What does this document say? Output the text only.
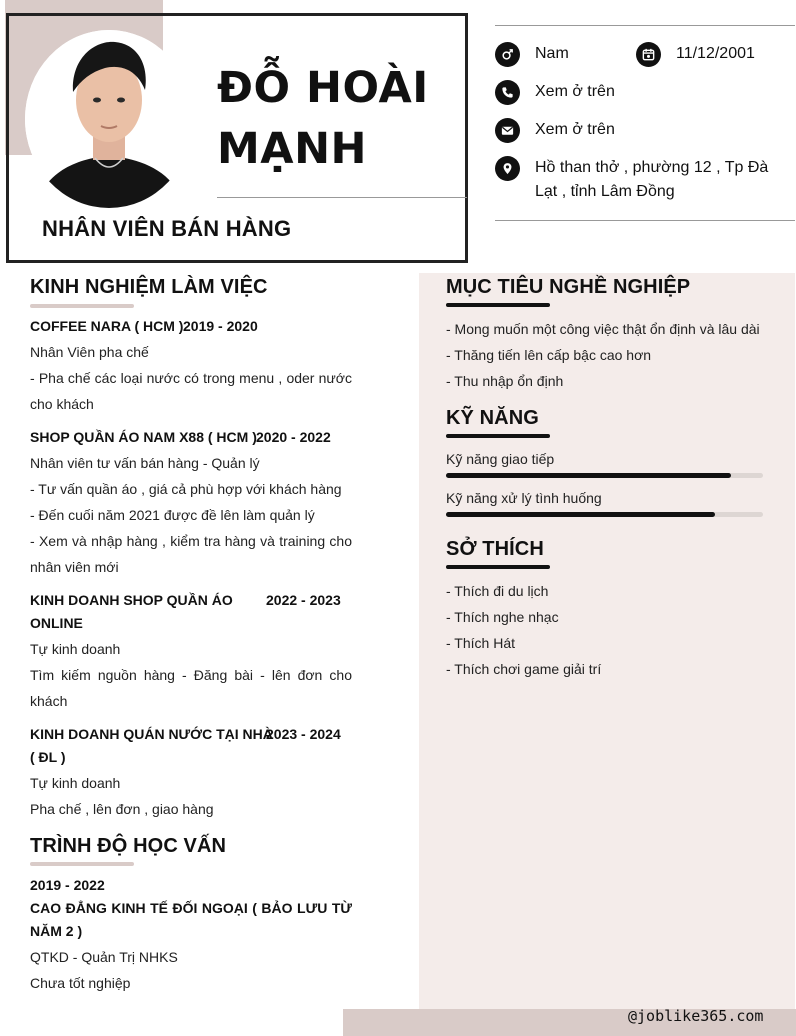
ĐỖ HOÀI
MẠNH
NHÂN VIÊN BÁN HÀNG
Nam	11/12/2001
Xem ở trên
Xem ở trên
Hồ than thở , phường 12 , Tp Đà
Lạt , tỉnh Lâm Đồng
@joblike365.com
KINH NGHIỆM LÀM VIỆC
COFFEE NARA ( HCM ) 2019 - 2020
Nhân Viên pha chế
- Pha chế các loại nước có trong menu , oder nước cho khách
SHOP QUẦN ÁO NAM X88 ( HCM ) 2020 - 2022
Nhân viên tư vấn bán hàng - Quản lý
- Tư vấn quần áo , giá cả phù hợp với khách hàng
- Đến cuối năm 2021 được đề lên làm quản lý
- Xem và nhập hàng , kiểm tra hàng và training cho nhân viên mới
KINH DOANH SHOP QUẦN ÁO
ONLINE
2022 - 2023
Tự kinh doanh
Tìm kiếm nguồn hàng - Đăng bài - lên đơn cho khách
KINH DOANH QUÁN NƯỚC TẠI NHÀ
( ĐL )
2023 - 2024
Tự kinh doanh
Pha chế , lên đơn , giao hàng
TRÌNH ĐỘ HỌC VẤN
2019 - 2022
CAO ĐẲNG KINH TẾ ĐỐI NGOẠI ( BẢO LƯU TỪ NĂM 2 )
QTKD - Quản Trị NHKS
Chưa tốt nghiệp
MỤC TIÊU NGHỀ NGHIỆP
- Mong muốn một công việc thật ổn định và lâu dài
- Thăng tiến lên cấp bậc cao hơn
- Thu nhập ổn định
KỸ NĂNG
Kỹ năng giao tiếp
Kỹ năng xử lý tình huống
SỞ THÍCH
- Thích đi du lịch
- Thích nghe nhạc
- Thích Hát
- Thích chơi game giải trí
